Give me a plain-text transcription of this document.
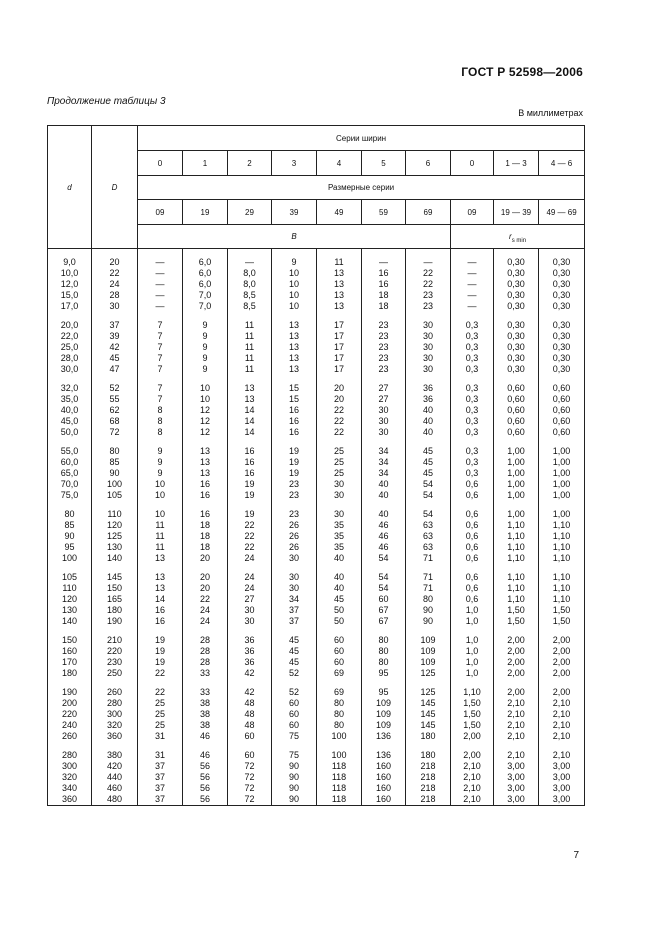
ГОСТ Р 52598—2006
Продолжение таблицы 3
В миллиметрах
d	D	Серии ширин									
		0	1	2	3	4	5	6	0	1 — 3	4 — 6
		Размерные серии									
		09	19	29	39	49	59	69	09	19 — 39	49 — 69
		B							$r_{s min}$
9,0	20	—	6,0	—	9	11	—	—	—	0,30	0,30
10,0	22	—	6,0	8,0	10	13	16	22	—	0,30	0,30
12,0	24	—	6,0	8,0	10	13	16	22	—	0,30	0,30
15,0	28	—	7,0	8,5	10	13	18	23	—	0,30	0,30
17,0	30	—	7,0	8,5	10	13	18	23	—	0,30	0,30
20,0	37	7	9	11	13	17	23	30	0,3	0,30	0,30
22,0	39	7	9	11	13	17	23	30	0,3	0,30	0,30
25,0	42	7	9	11	13	17	23	30	0,3	0,30	0,30
28,0	45	7	9	11	13	17	23	30	0,3	0,30	0,30
30,0	47	7	9	11	13	17	23	30	0,3	0,30	0,30
32,0	52	7	10	13	15	20	27	36	0,3	0,60	0,60
35,0	55	7	10	13	15	20	27	36	0,3	0,60	0,60
40,0	62	8	12	14	16	22	30	40	0,3	0,60	0,60
45,0	68	8	12	14	16	22	30	40	0,3	0,60	0,60
50,0	72	8	12	14	16	22	30	40	0,3	0,60	0,60
55,0	80	9	13	16	19	25	34	45	0,3	1,00	1,00
60,0	85	9	13	16	19	25	34	45	0,3	1,00	1,00
65,0	90	9	13	16	19	25	34	45	0,3	1,00	1,00
70,0	100	10	16	19	23	30	40	54	0,6	1,00	1,00
75,0	105	10	16	19	23	30	40	54	0,6	1,00	1,00
80	110	10	16	19	23	30	40	54	0,6	1,00	1,00
85	120	11	18	22	26	35	46	63	0,6	1,10	1,10
90	125	11	18	22	26	35	46	63	0,6	1,10	1,10
95	130	11	18	22	26	35	46	63	0,6	1,10	1,10
100	140	13	20	24	30	40	54	71	0,6	1,10	1,10
105	145	13	20	24	30	40	54	71	0,6	1,10	1,10
110	150	13	20	24	30	40	54	71	0,6	1,10	1,10
120	165	14	22	27	34	45	60	80	0,6	1,10	1,10
130	180	16	24	30	37	50	67	90	1,0	1,50	1,50
140	190	16	24	30	37	50	67	90	1,0	1,50	1,50
150	210	19	28	36	45	60	80	109	1,0	2,00	2,00
160	220	19	28	36	45	60	80	109	1,0	2,00	2,00
170	230	19	28	36	45	60	80	109	1,0	2,00	2,00
180	250	22	33	42	52	69	95	125	1,0	2,00	2,00
190	260	22	33	42	52	69	95	125	1,10	2,00	2,00
200	280	25	38	48	60	80	109	145	1,50	2,10	2,10
220	300	25	38	48	60	80	109	145	1,50	2,10	2,10
240	320	25	38	48	60	80	109	145	1,50	2,10	2,10
260	360	31	46	60	75	100	136	180	2,00	2,10	2,10
280	380	31	46	60	75	100	136	180	2,00	2,10	2,10
300	420	37	56	72	90	118	160	218	2,10	3,00	3,00
320	440	37	56	72	90	118	160	218	2,10	3,00	3,00
340	460	37	56	72	90	118	160	218	2,10	3,00	3,00
360	480	37	56	72	90	118	160	218	2,10	3,00	3,00
7
